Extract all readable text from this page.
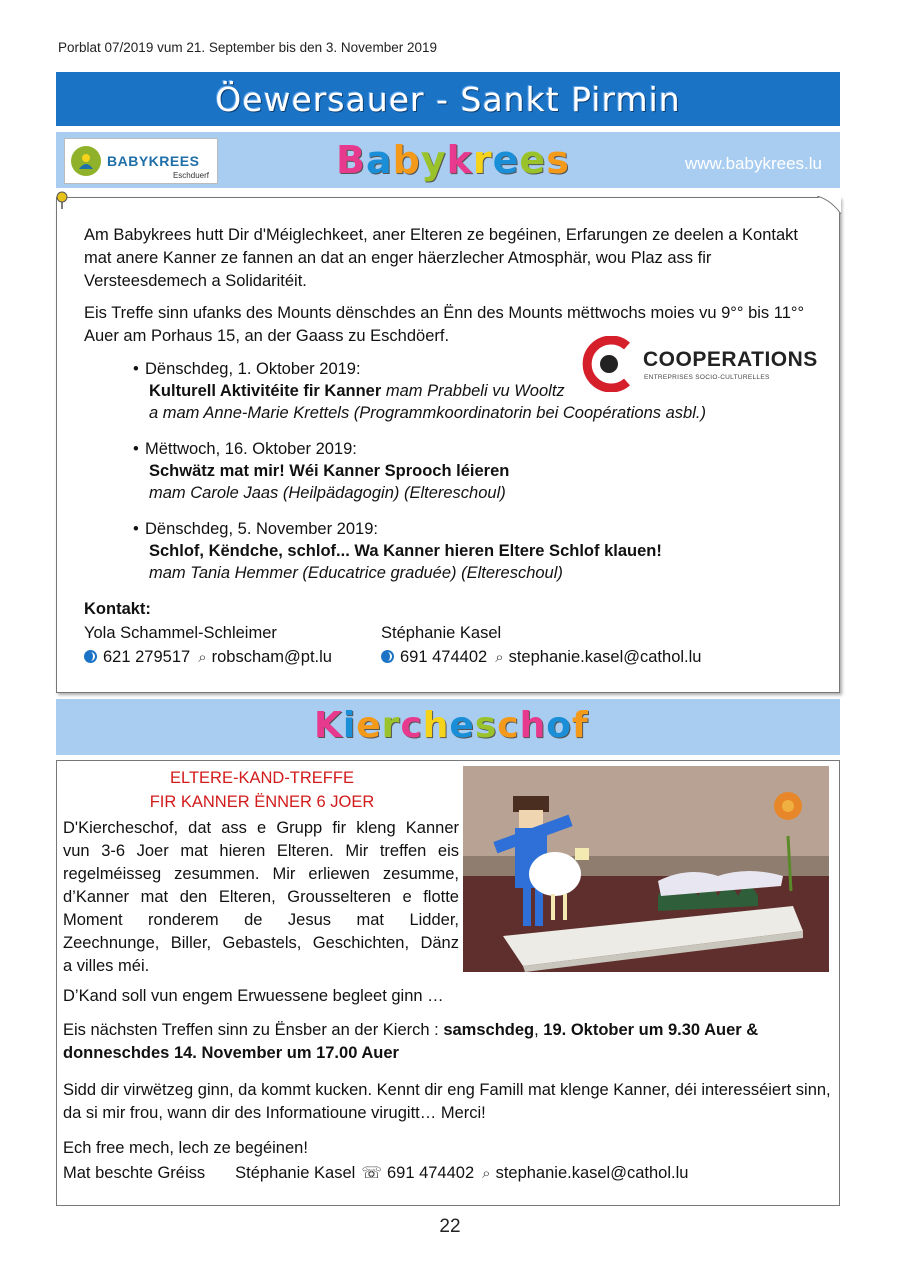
Porblat 07/2019 vum 21. September bis den 3. November 2019
Öewersauer - Sankt Pirmin
BABYKREES
Eschduerf	Babykrees	www.babykrees.lu
Am Babykrees hutt Dir d'Méiglechkeet, aner Elteren ze begéinen, Erfarungen ze deelen a Kontakt mat anere Kanner ze fannen an dat an enger häerzlecher Atmosphär, wou Plaz ass fir Versteesdemech a Solidaritéit.
Eis Treffe sinn ufanks des Mounts dënschdes an Ënn des Mounts mëttwochs moies vu 9°° bis 11°° Auer am Porhaus 15, an der Gaass zu Eschdöerf.
COOPERATIONS
ENTREPRISES SOCIO-CULTURELLES
• Dënschdeg, 1. Oktober 2019:
Kulturell Aktivitéite fir Kanner mam Prabbeli vu Wooltz
a mam Anne-Marie Krettels (Programmkoordinatorin bei Coopérations asbl.)
• Mëttwoch, 16. Oktober 2019:
Schwätz mat mir! Wéi Kanner Sprooch léieren
mam Carole Jaas (Heilpädagogin) (Eltereschoul)
• Dënschdeg, 5. November 2019:
Schlof, Këndche, schlof... Wa Kanner hieren Eltere Schlof klauen!
mam Tania Hemmer (Educatrice graduée) (Eltereschoul)
Kontakt:
Yola Schammel-Schleimer	Stéphanie Kasel
621 279517 ⌕ robscham@pt.lu	691 474402 ⌕ stephanie.kasel@cathol.lu
Kiercheschof
ELTERE-KAND-TREFFE
FIR KANNER ËNNER 6 JOER
D'Kiercheschof, dat ass e Grupp fir kleng Kanner
vun 3-6 Joer mat hieren Elteren. Mir treffen eis
regelméisseg zesummen. Mir erliewen zesumme,
d’Kanner mat den Elteren, Grousselteren e flotte
Moment ronderem de Jesus mat Lidder,
Zeechnunge, Biller, Gebastels, Geschichten, Dänz
a villes méi.
D’Kand soll vun engem Erwuessene begleet ginn …
Eis nächsten Treffen sinn zu Ënsber an der Kierch : samschdeg, 19. Oktober um 9.30 Auer & donneschdes 14. November um 17.00 Auer
Sidd dir virwëtzeg ginn, da kommt kucken. Kennt dir eng Famill mat klenge Kanner, déi interesséiert sinn, da si mir frou, wann dir des Informatioune virugitt… Merci!
Ech free mech, lech ze begéinen!
Mat beschte Gréiss Stéphanie Kasel ☏ 691 474402 ⌕ stephanie.kasel@cathol.lu
22
